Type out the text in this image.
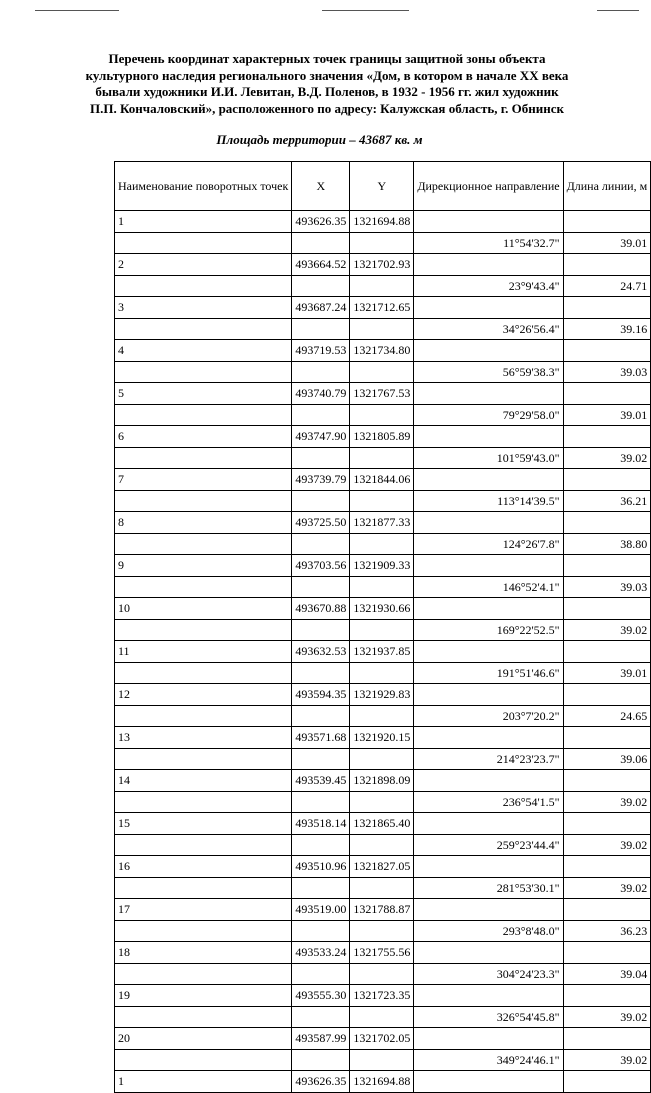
Перечень координат характерных точек границы защитной зоны объекта
культурного наследия регионального значения «Дом, в котором в начале XX века
бывали художники И.И. Левитан, В.Д. Поленов, в 1932 - 1956 гг. жил художник
П.П. Кончаловский», расположенного по адресу: Калужская область, г. Обнинск
Площадь территории – 43687 кв. м
Наименование поворотных точек	X	Y	Дирекционное направление	Длина линии, м
1	493626.35	1321694.88		
			11°54'32.7"	39.01
2	493664.52	1321702.93		
			23°9'43.4"	24.71
3	493687.24	1321712.65		
			34°26'56.4"	39.16
4	493719.53	1321734.80		
			56°59'38.3"	39.03
5	493740.79	1321767.53		
			79°29'58.0"	39.01
6	493747.90	1321805.89		
			101°59'43.0"	39.02
7	493739.79	1321844.06		
			113°14'39.5"	36.21
8	493725.50	1321877.33		
			124°26'7.8"	38.80
9	493703.56	1321909.33		
			146°52'4.1"	39.03
10	493670.88	1321930.66		
			169°22'52.5"	39.02
11	493632.53	1321937.85		
			191°51'46.6"	39.01
12	493594.35	1321929.83		
			203°7'20.2"	24.65
13	493571.68	1321920.15		
			214°23'23.7"	39.06
14	493539.45	1321898.09		
			236°54'1.5"	39.02
15	493518.14	1321865.40		
			259°23'44.4"	39.02
16	493510.96	1321827.05		
			281°53'30.1"	39.02
17	493519.00	1321788.87		
			293°8'48.0"	36.23
18	493533.24	1321755.56		
			304°24'23.3"	39.04
19	493555.30	1321723.35		
			326°54'45.8"	39.02
20	493587.99	1321702.05		
			349°24'46.1"	39.02
1	493626.35	1321694.88		
